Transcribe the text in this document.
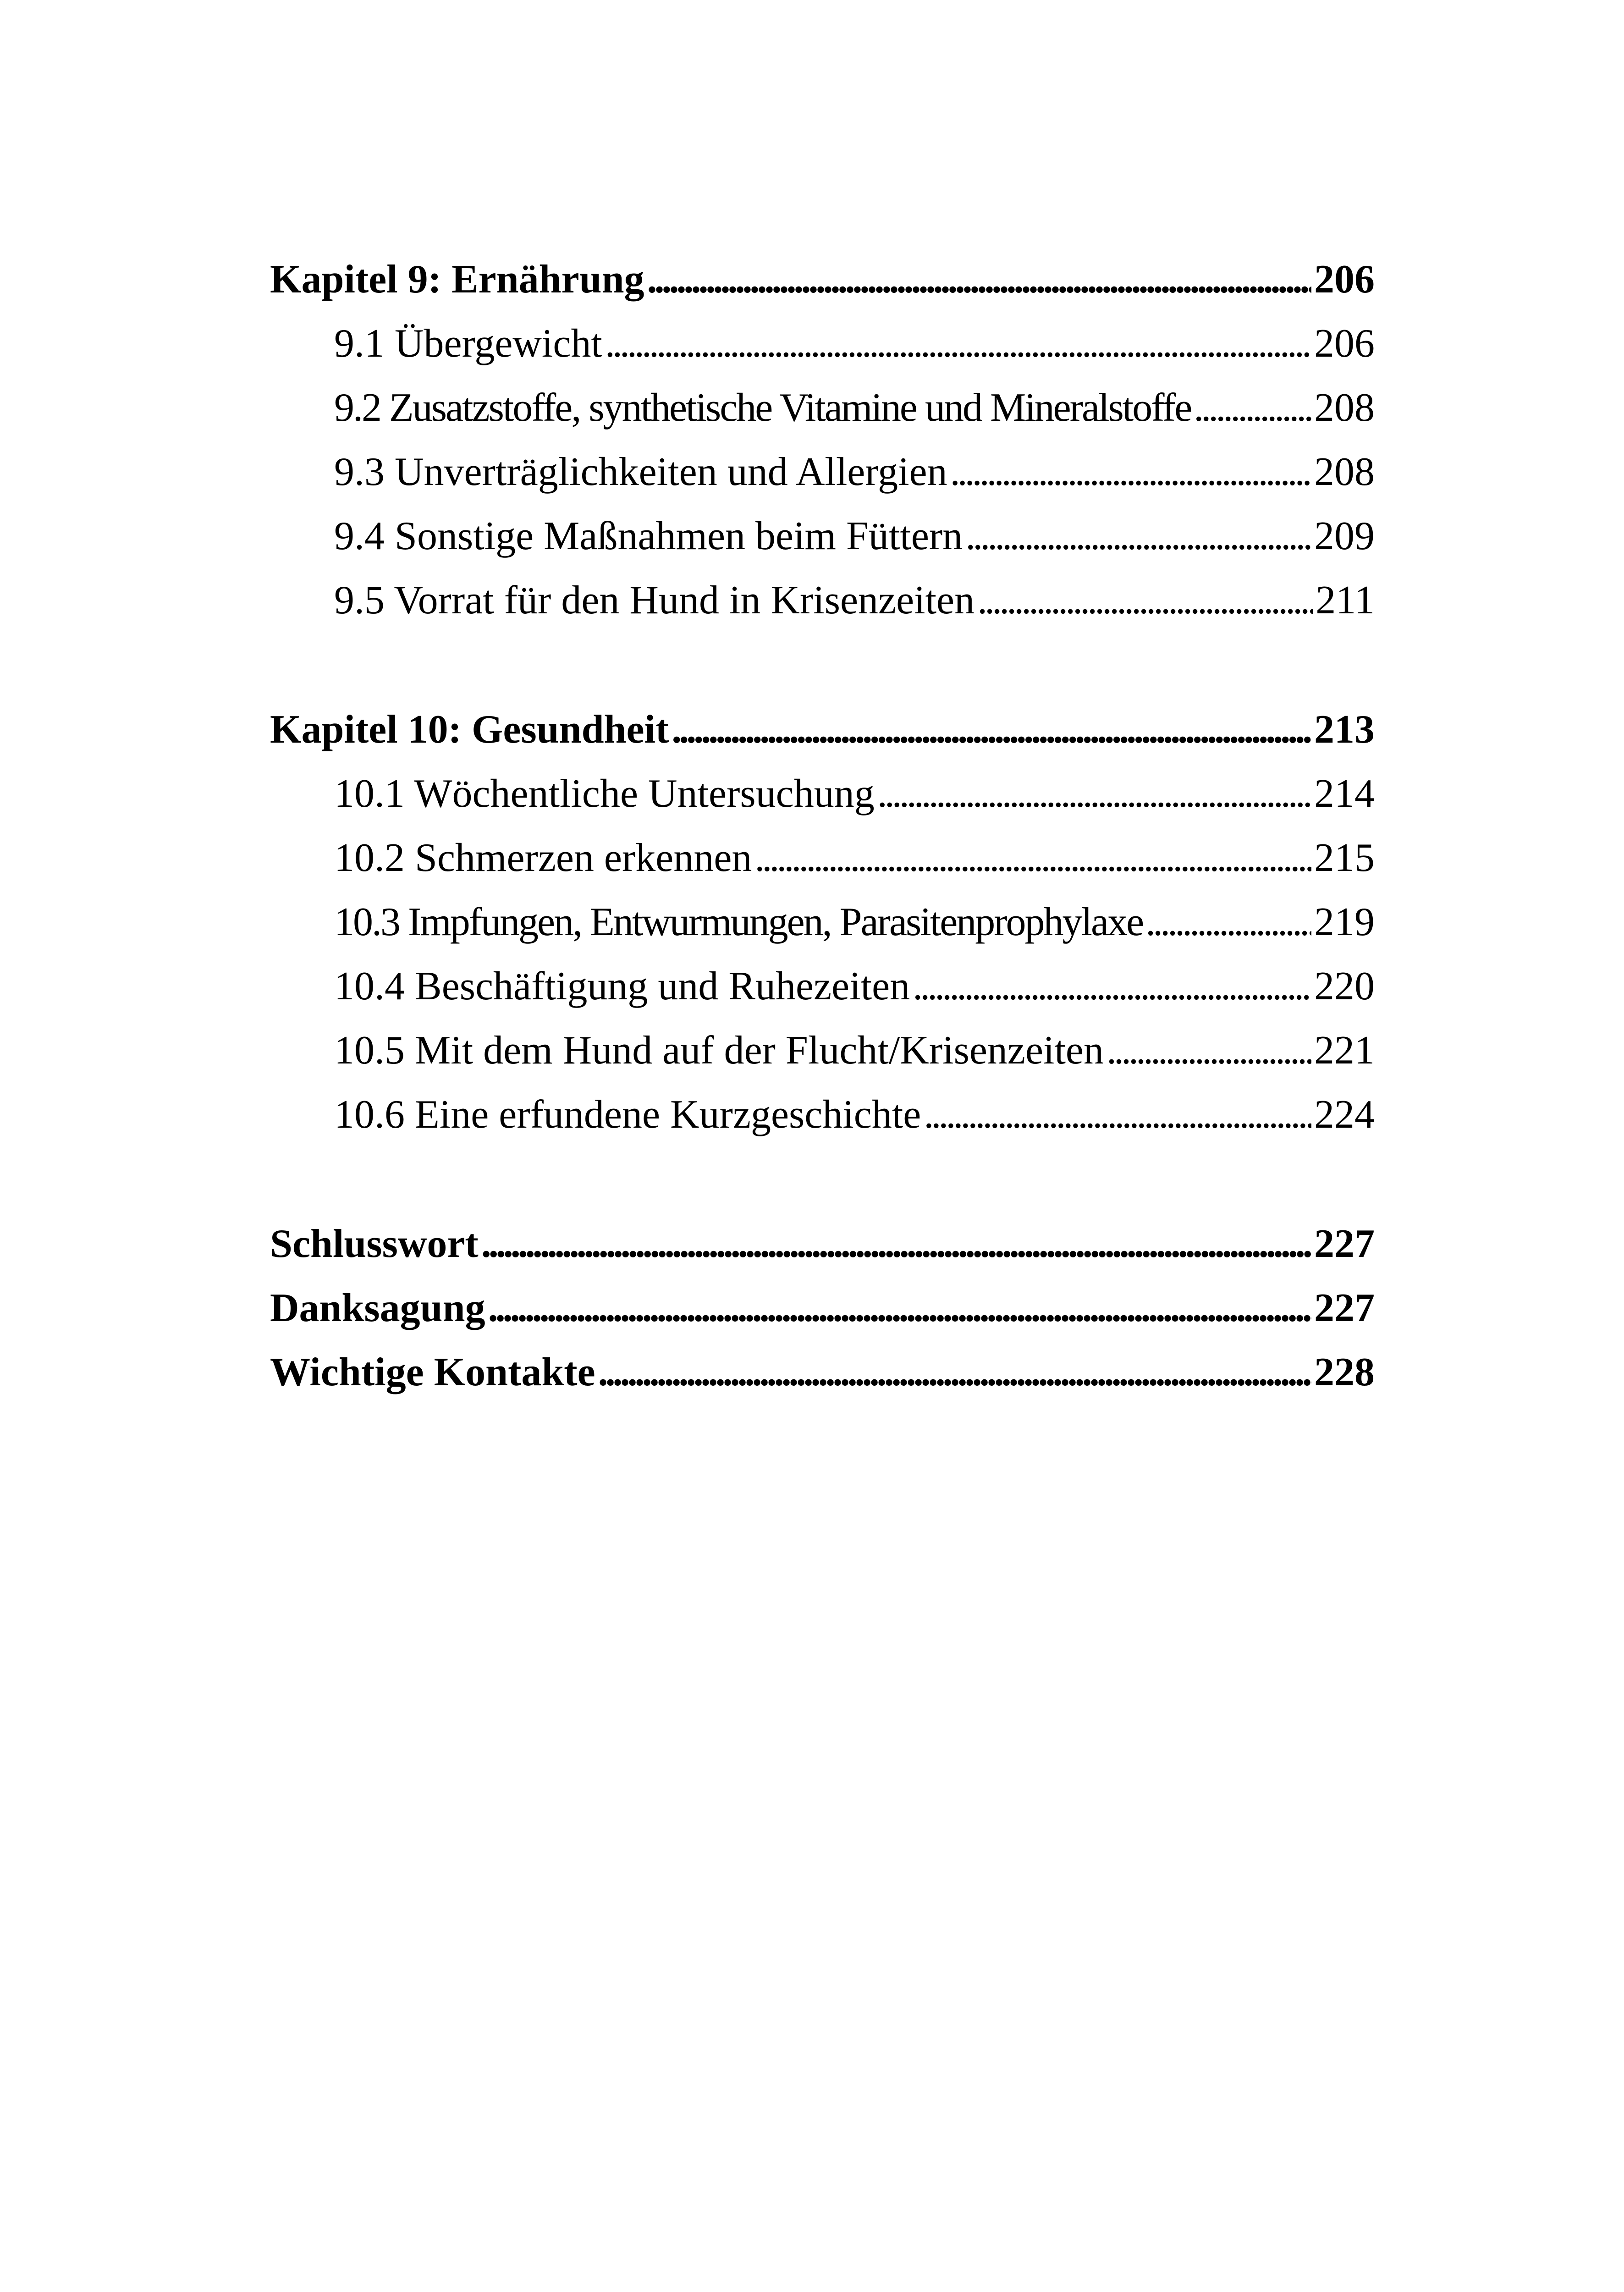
Kapitel 9: Ernährung . . .	206
9.1 Übergewicht . . .	206
9.2 Zusatzstoffe, synthetische Vitamine und Mineralstoffe . . .	208
9.3 Unverträglichkeiten und Allergien . . .	208
9.4 Sonstige Maßnahmen beim Füttern . . .	209
9.5 Vorrat für den Hund in Krisenzeiten . . .	211
Kapitel 10: Gesundheit . . .	213
10.1 Wöchentliche Untersuchung . . .	214
10.2 Schmerzen erkennen . . .	215
10.3 Impfungen, Entwurmungen, Parasitenprophylaxe . . .	219
10.4 Beschäftigung und Ruhezeiten . . .	220
10.5 Mit dem Hund auf der Flucht/Krisenzeiten . . .	221
10.6 Eine erfundene Kurzgeschichte . . .	224
Schlusswort . . .	227
Danksagung . . .	227
Wichtige Kontakte . . .	228
